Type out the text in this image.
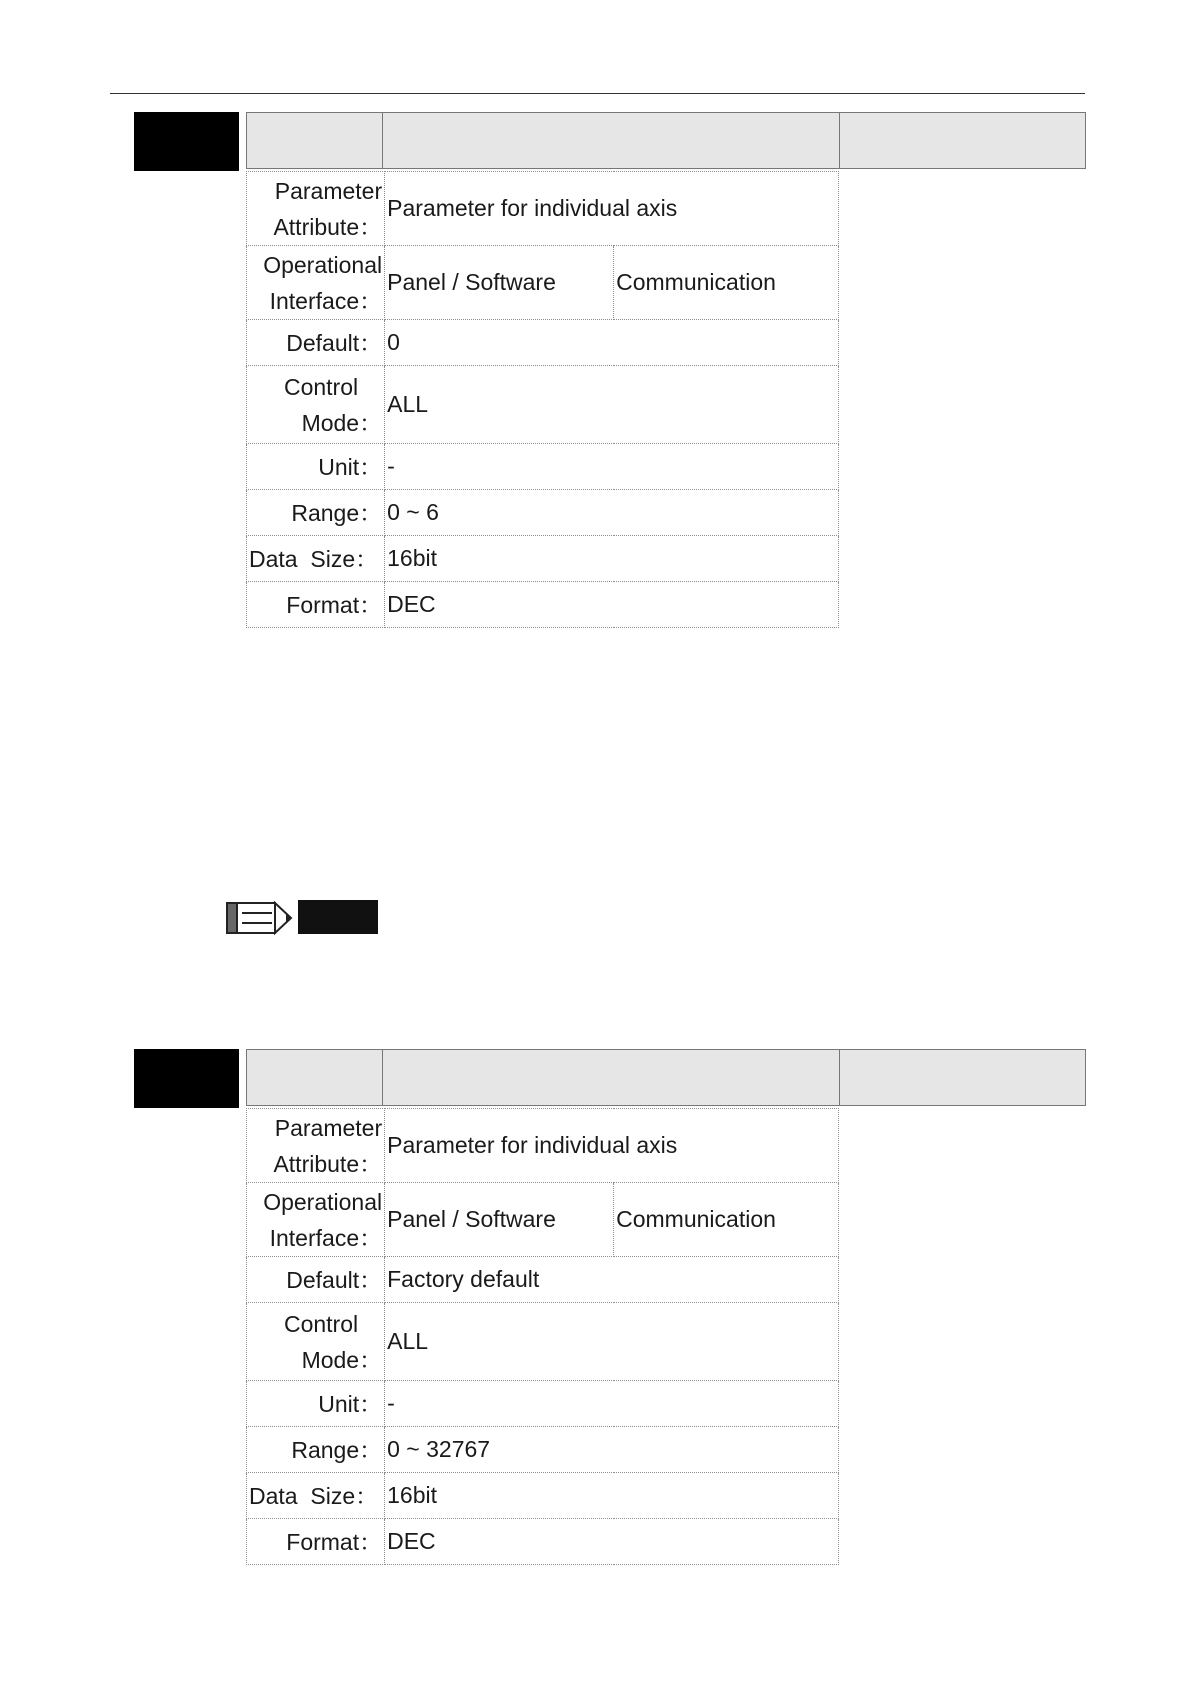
Parameter
Attribute：	Parameter for individual axis	

Operational
Interface：	Panel / Software	Communication
Default：	0	

Control
Mode：	ALL	
Unit：	-	
Range：	0 ~ 6	
Data  Size：	16bit	
Format：	DEC	
Parameter
Attribute：	Parameter for individual axis	

Operational
Interface：	Panel / Software	Communication
Default：	Factory default	

Control
Mode：	ALL	
Unit：	-	
Range：	0 ~ 32767	
Data  Size：	16bit	
Format：	DEC	
